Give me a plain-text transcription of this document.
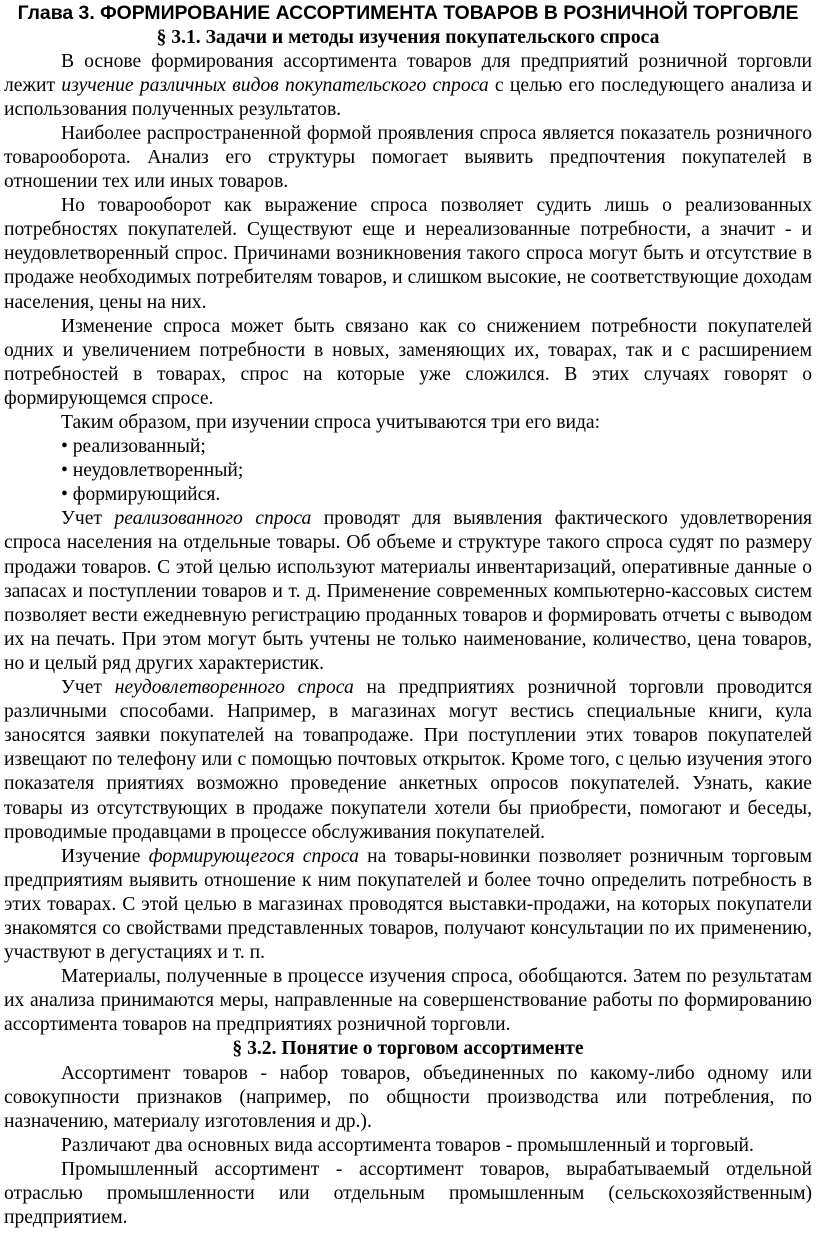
Глава 3. ФОРМИРОВАНИЕ АССОРТИМЕНТА ТОВАРОВ В РОЗНИЧНОЙ ТОРГОВЛЕ
§ 3.1. Задачи и методы изучения покупательского спроса

В основе формирования ассортимента товаров для предприятий розничной торговли лежит изучение различных видов покупательского спроса с целью его последующего анализа и использования полученных результатов.

Наиболее распространенной формой проявления спроса является показатель розничного товарооборота. Анализ его структуры помогает выявить предпочтения покупателей в отношении тех или иных товаров.

Но товарооборот как выражение спроса позволяет судить лишь о реализованных потребностях покупателей. Существуют еще и нереализованные потребности, а значит - и неудовлетворенный спрос. Причинами возникновения такого спроса могут быть и отсутствие в продаже необходимых потребителям товаров, и слишком высокие, не соответствующие доходам населения, цены на них.

Изменение спроса может быть связано как со снижением потребности покупателей одних и увеличением потребности в новых, заменяющих их, товарах, так и с расширением потребностей в товарах, спрос на которые уже сложился. В этих случаях говорят о формирующемся спросе.

Таким образом, при изучении спроса учитываются три его вида:

• реализованный;

• неудовлетворенный;

• формирующийся.

Учет реализованного спроса проводят для выявления фактического удовлетворения спроса населения на отдельные товары. Об объеме и структуре такого спроса судят по размеру продажи товаров. С этой целью используют материалы инвентаризаций, оперативные данные о запасах и поступлении товаров и т. д. Применение современных компьютерно-кассовых систем позволяет вести ежедневную регистрацию проданных товаров и формировать отчеты с выводом их на печать. При этом могут быть учтены не только наименование, количество, цена товаров, но и целый ряд других характеристик.

Учет неудовлетворенного спроса на предприятиях розничной торговли проводится различными способами. Например, в магазинах могут вестись специальные книги, кула заносятся заявки покупателей на товапродаже. При поступлении этих товаров покупателей извещают по телефону или с помощью почтовых открыток. Кроме того, с целью изучения этого показателя приятиях возможно проведение анкетных опросов покупателей. Узнать, какие товары из отсутствующих в продаже покупатели хотели бы приобрести, помогают и беседы, проводимые продавцами в процессе обслуживания покупателей.

Изучение формирующегося спроса на товары-новинки позволяет розничным торговым предприятиям выявить отношение к ним покупателей и более точно определить потребность в этих товарах. С этой целью в магазинах проводятся выставки-продажи, на которых покупатели знакомятся со свойствами представленных товаров, получают консультации по их применению, участвуют в дегустациях и т. п.

Материалы, полученные в процессе изучения спроса, обобщаются. Затем по результатам их анализа принимаются меры, направленные на совершенствование работы по формированию ассортимента товаров на предприятиях розничной торговли.

§ 3.2. Понятие о торговом ассортименте

Ассортимент товаров - набор товаров, объединенных по какому-либо одному или совокупности признаков (например, по общности производства или потребления, по назначению, материалу изготовления и др.).

Различают два основных вида ассортимента товаров - промышленный и торговый.

Промышленный ассортимент - ассортимент товаров, вырабатываемый отдельной отраслью промышленности или отдельным промышленным (сельскохозяйственным) предприятием.
